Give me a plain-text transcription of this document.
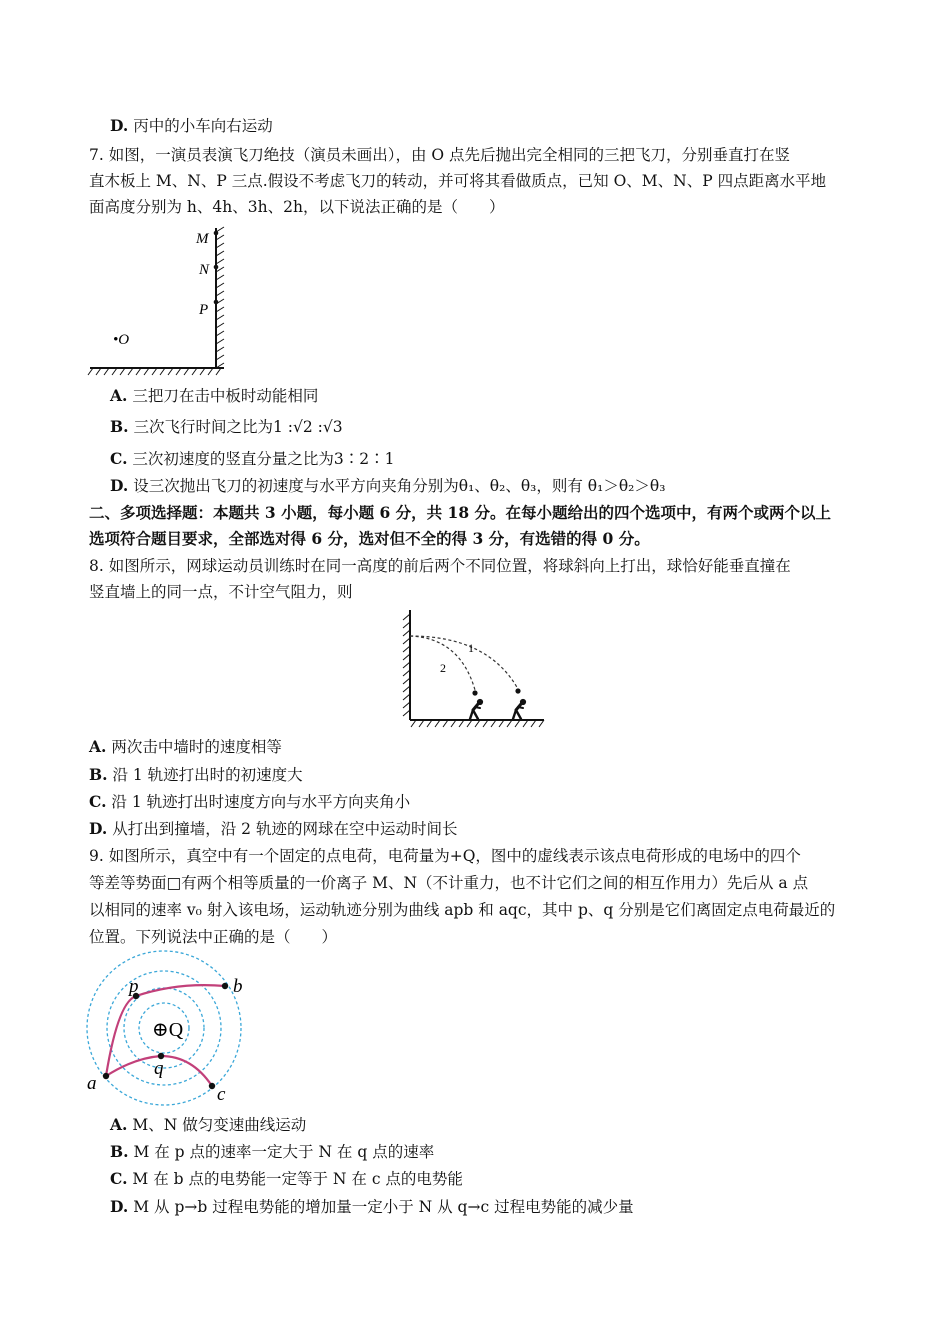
D. 丙中的小车向右运动
7. 如图，一演员表演飞刀绝技（演员未画出），由 O 点先后抛出完全相同的三把飞刀，分别垂直打在竖
直木板上 M、N、P 三点.假设不考虑飞刀的转动，并可将其看做质点，已知 O、M、N、P 四点距离水平地
面高度分别为 h、4h、3h、2h，以下说法正确的是（　　）
M
N
P
•O
A. 三把刀在击中板时动能相同
B. 三次飞行时间之比为1 :√2 :√3
C. 三次初速度的竖直分量之比为3∶2∶1
D. 设三次抛出飞刀的初速度与水平方向夹角分别为θ₁、θ₂、θ₃，则有 θ₁＞θ₂＞θ₃
二、多项选择题：本题共 3 小题，每小题 6 分，共 18 分。在每小题给出的四个选项中，有两个或两个以上
选项符合题目要求，全部选对得 6 分，选对但不全的得 3 分，有选错的得 0 分。
8. 如图所示，网球运动员训练时在同一高度的前后两个不同位置，将球斜向上打出，球恰好能垂直撞在
竖直墙上的同一点，不计空气阻力，则
1
2
A. 两次击中墙时的速度相等
B. 沿 1 轨迹打出时的初速度大
C. 沿 1 轨迹打出时速度方向与水平方向夹角小
D. 从打出到撞墙，沿 2 轨迹的网球在空中运动时间长
9. 如图所示，真空中有一个固定的点电荷，电荷量为+Q，图中的虚线表示该点电荷形成的电场中的四个
等差等势面□有两个相等质量的一价离子 M、N（不计重力，也不计它们之间的相互作用力）先后从 a 点
以相同的速率 v₀ 射入该电场，运动轨迹分别为曲线 apb 和 aqc，其中 p、q 分别是它们离固定点电荷最近的
位置。下列说法中正确的是（　　）
⊕Q
a
b
c
p
q
A. M、N 做匀变速曲线运动
B. M 在 p 点的速率一定大于 N 在 q 点的速率
C. M 在 b 点的电势能一定等于 N 在 c 点的电势能
D. M 从 p→b 过程电势能的增加量一定小于 N 从 q→c 过程电势能的减少量
